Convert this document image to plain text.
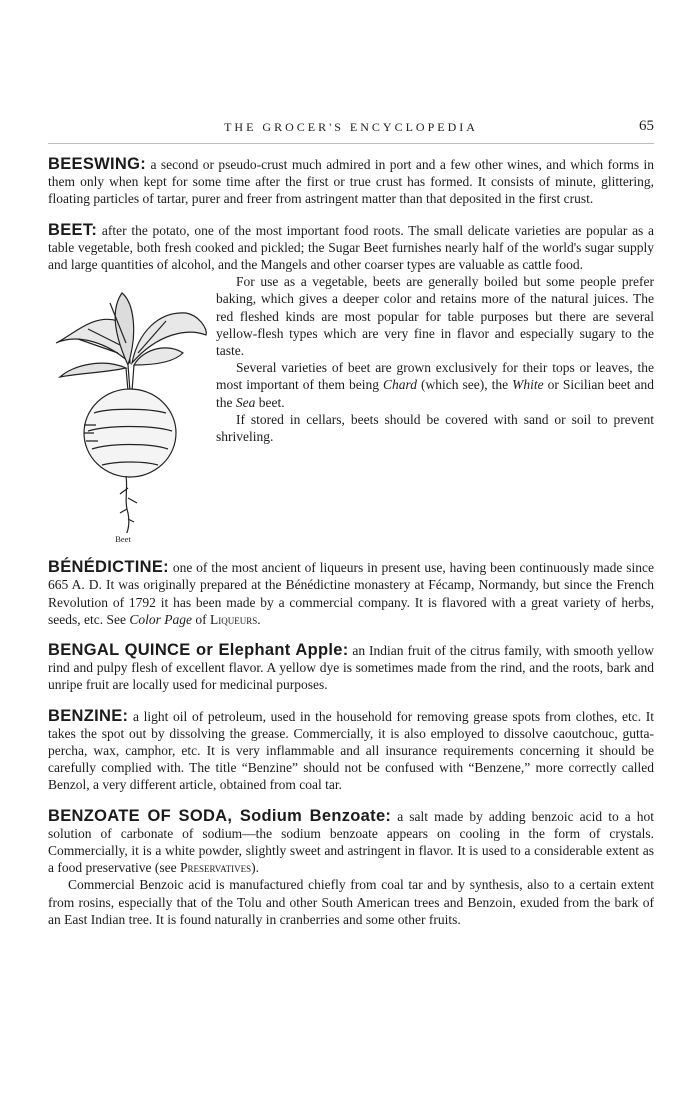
THE GROCER'S ENCYCLOPEDIA	65
BEESWING: a second or pseudo-crust much admired in port and a few other wines, and which forms in them only when kept for some time after the first or true crust has formed. It consists of minute, glittering, floating particles of tartar, purer and freer from astringent matter than that deposited in the first crust.

BEET: after the potato, one of the most important food roots. The small delicate varieties are popular as a table vegetable, both fresh cooked and pickled; the Sugar Beet furnishes nearly half of the world's sugar supply and large quantities of alcohol, and the Mangels and other coarser types are valuable as cattle food.

Beet

For use as a vegetable, beets are generally boiled but some people prefer baking, which gives a deeper color and retains more of the natural juices. The red fleshed kinds are most popular for table purposes but there are several yellow-flesh types which are very fine in flavor and especially sugary to the taste.

Several varieties of beet are grown exclusively for their tops or leaves, the most important of them being Chard (which see), the White or Sicilian beet and the Sea beet.

If stored in cellars, beets should be covered with sand or soil to prevent shriveling.

BÉNÉDICTINE: one of the most ancient of liqueurs in present use, having been continuously made since 665 A. D. It was originally prepared at the Bénédictine monastery at Fécamp, Normandy, but since the French Revolution of 1792 it has been made by a commercial company. It is flavored with a great variety of herbs, seeds, etc. See Color Page of Liqueurs.
BENGAL QUINCE or Elephant Apple: an Indian fruit of the citrus family, with smooth yellow rind and pulpy flesh of excellent flavor. A yellow dye is sometimes made from the rind, and the roots, bark and unripe fruit are locally used for medicinal purposes.
BENZINE: a light oil of petroleum, used in the household for removing grease spots from clothes, etc. It takes the spot out by dissolving the grease. Commercially, it is also employed to dissolve caoutchouc, gutta-percha, wax, camphor, etc. It is very inflammable and all insurance requirements concerning it should be carefully complied with. The title “Benzine” should not be confused with “Benzene,” more correctly called Benzol, a very different article, obtained from coal tar.

BENZOATE OF SODA, Sodium Benzoate: a salt made by adding benzoic acid to a hot solution of carbonate of sodium—the sodium benzoate appears on cooling in the form of crystals. Commercially, it is a white powder, slightly sweet and astringent in flavor. It is used to a considerable extent as a food preservative (see Preservatives).

Commercial Benzoic acid is manufactured chiefly from coal tar and by synthesis, also to a certain extent from rosins, especially that of the Tolu and other South American trees and Benzoin, exuded from the bark of an East Indian tree. It is found naturally in cranberries and some other fruits.
